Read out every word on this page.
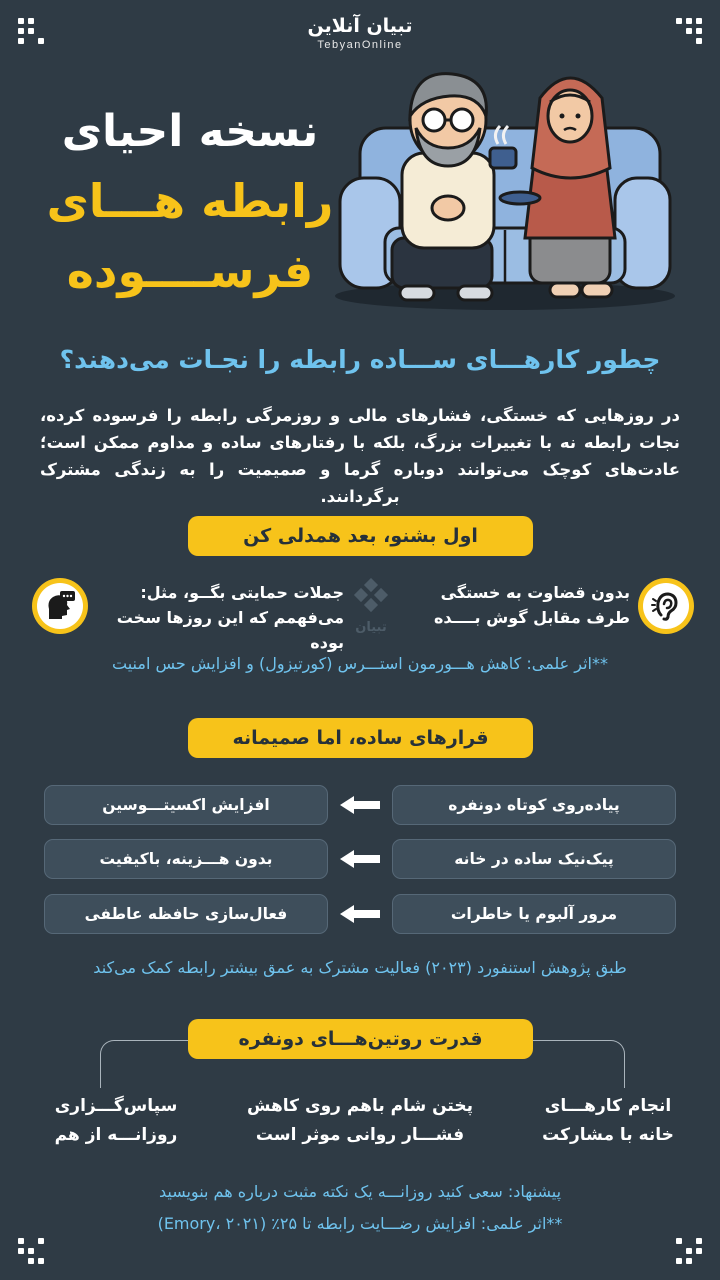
تبیان آنلاین
TebyanOnline
نسخه احیای
رابطه هـــای
فرســــوده
چطور کارهـــای ســـاده رابطه را نجـات می‌دهند؟
در روزهایی که خستگی، فشارهای مالی و روزمرگی رابطه را فرسوده کرده، نجات رابطه نه با تغییرات بزرگ، بلکه با رفتارهای ساده و مداوم ممکن است؛ عادت‌های کوچک می‌توانند دوباره گرما و صمیمیت را به زندگی مشترک برگردانند.
اول بشنو، بعد همدلی کن
بدون قضاوت به خستگی
طرف مقابل گوش بــــده
تبیان
جملات حمایتی بگــو، مثل:
می‌فهمم که این روزها سخت بوده
**اثر علمی: کاهش هـــورمون استـــرس (کورتیزول) و افزایش حس امنیت
قرارهای ساده، اما صمیمانه
پیاده‌روی کوتاه دونفره
افزایش اکسیتـــوسین
پیک‌نیک ساده در خانه
بدون هـــزینه، باکیفیت
مرور آلبوم یا خاطرات
فعال‌سازی حافظه عاطفی
طبق پژوهش استنفورد (۲۰۲۳) فعالیت مشترک به عمق بیشتر رابطه کمک می‌کند
قدرت روتین‌هـــای دونفره
انجام کارهـــای
خانه با مشارکت
پختن شام باهم روی کاهش
فشـــار روانی موثر است
سپاس‌گـــزاری
روزانـــه از هم
پیشنهاد: سعی کنید روزانـــه یک نکته مثبت درباره هم بنویسید
**اثر علمی: افزایش رضـــایت رابطه تا ۲۵٪ (Emory، ۲۰۲۱)
